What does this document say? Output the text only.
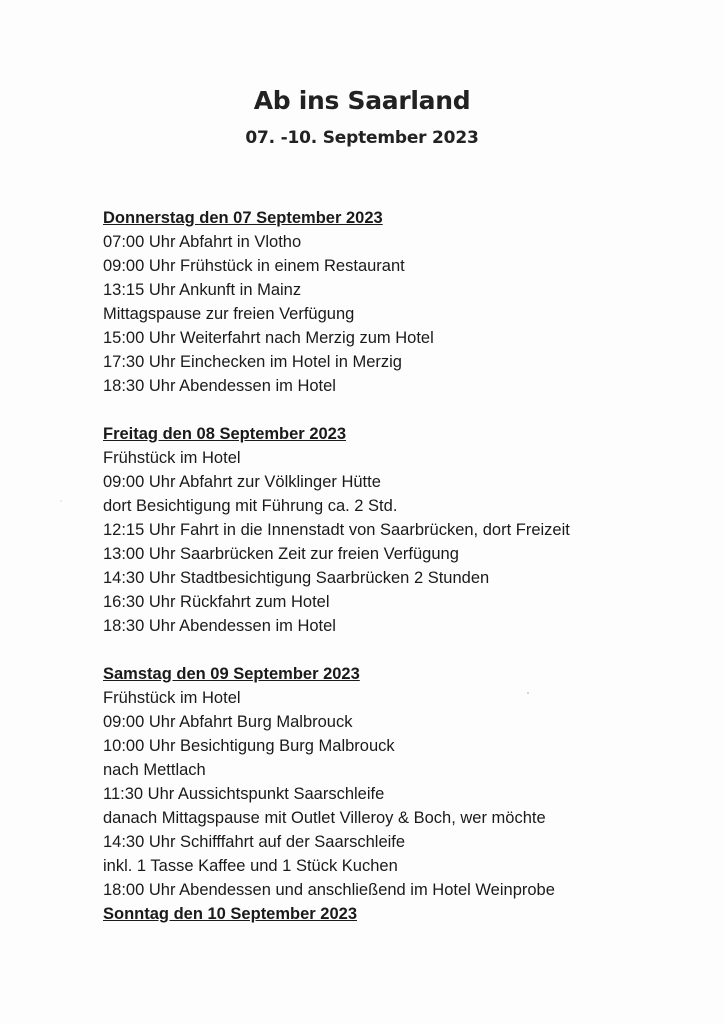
Ab ins Saarland
07. -10. September 2023
Donnerstag den 07 September 2023
07:00 Uhr Abfahrt in Vlotho
09:00 Uhr Frühstück in einem Restaurant
13:15 Uhr Ankunft in Mainz
Mittagspause zur freien Verfügung
15:00 Uhr Weiterfahrt nach Merzig zum Hotel
17:30 Uhr Einchecken im Hotel in Merzig
18:30 Uhr Abendessen im Hotel
Freitag den 08 September 2023
Frühstück im Hotel
09:00 Uhr Abfahrt zur Völklinger Hütte
dort Besichtigung mit Führung ca. 2 Std.
12:15 Uhr Fahrt in die Innenstadt von Saarbrücken, dort Freizeit
13:00 Uhr Saarbrücken Zeit zur freien Verfügung
14:30 Uhr Stadtbesichtigung Saarbrücken 2 Stunden
16:30 Uhr Rückfahrt zum Hotel
18:30 Uhr Abendessen im Hotel
Samstag den 09 September 2023
Frühstück im Hotel
09:00 Uhr Abfahrt Burg Malbrouck
10:00 Uhr Besichtigung Burg Malbrouck
nach Mettlach
11:30 Uhr Aussichtspunkt Saarschleife
danach Mittagspause mit Outlet Villeroy & Boch, wer möchte
14:30 Uhr Schifffahrt auf der Saarschleife
inkl. 1 Tasse Kaffee und 1 Stück Kuchen
18:00 Uhr Abendessen und anschließend im Hotel Weinprobe
Sonntag den 10 September 2023
